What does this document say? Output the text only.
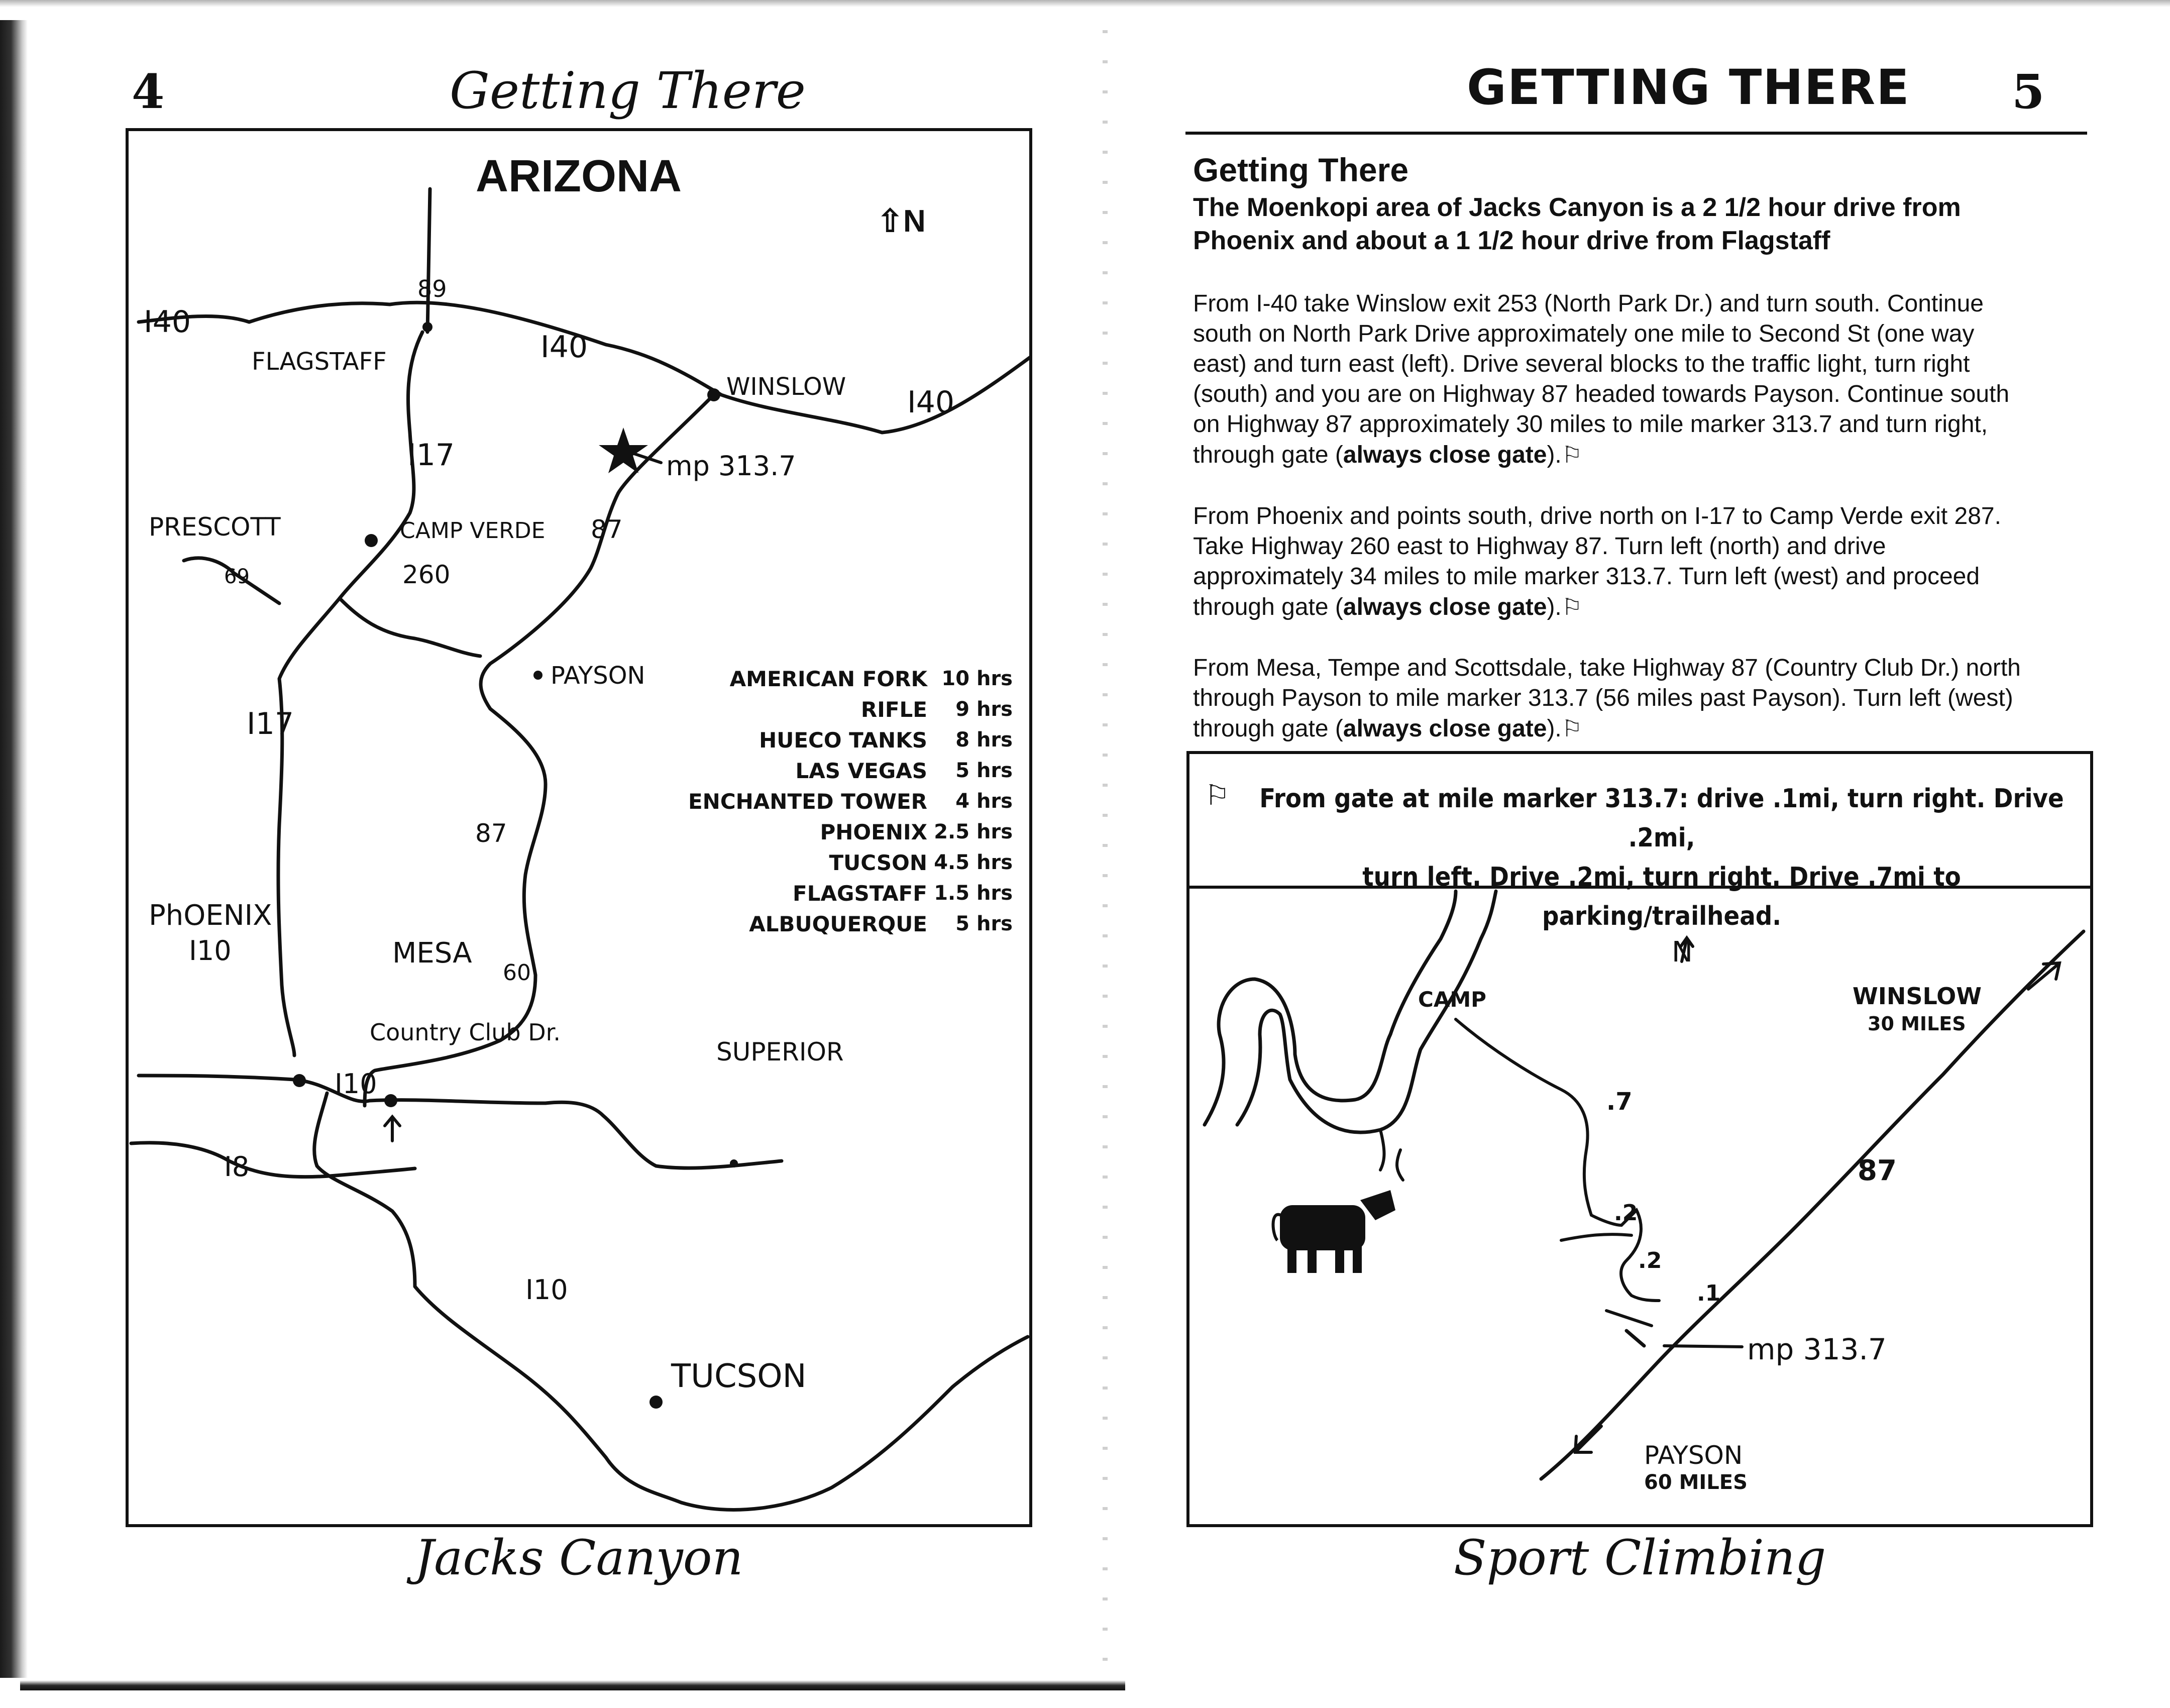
4	Getting There
ARIZONA
⇧N
FLAGSTAFF
WINSLOW
PRESCOTT	CAMP VERDE
PAYSON
PhOENIX
MESA
SUPERIOR
TUCSON
I40
I40
I40
89
I17
I17
69	260
87
87
I10
I10
I10
I8
60
mp 313.7
Country Club Dr.
AMERICAN FORK 10 hrs
RIFLE	9 hrs
HUECO TANKS	8 hrs
LAS VEGAS	5 hrs
ENCHANTED TOWER	4 hrs
PHOENIX 2.5 hrs
TUCSON 4.5 hrs
FLAGSTAFF 1.5 hrs
ALBUQUERQUE	5 hrs
Jacks Canyon
GETTING THERE 5
Getting There
The Moenkopi area of Jacks Canyon is a 2 1/2 hour drive from
Phoenix and about a 1 1/2 hour drive from Flagstaff
From I-40 take Winslow exit 253 (North Park Dr.) and turn south. Continue
south on North Park Drive approximately one mile to Second St (one way
east) and turn east (left). Drive several blocks to the traffic light, turn right
(south) and you are on Highway 87 headed towards Payson. Continue south
on Highway 87 approximately 30 miles to mile marker 313.7 and turn right,
through gate (always close gate).⚐
From Phoenix and points south, drive north on I-17 to Camp Verde exit 287.
Take Highway 260 east to Highway 87. Turn left (north) and drive
approximately 34 miles to mile marker 313.7. Turn left (west) and proceed
through gate (always close gate).⚐
From Mesa, Tempe and Scottsdale, take Highway 87 (Country Club Dr.) north
through Payson to mile marker 313.7 (56 miles past Payson). Turn left (west)
through gate (always close gate).⚐
⚐	From gate at mile marker 313.7: drive .1mi, turn right. Drive .2mi,
turn left. Drive .2mi, turn right. Drive .7mi to parking/trailhead.
N
CAMP	WINSLOW
30 MILES
87
.7
.2
.2
.1
mp 313.7
PAYSON
60 MILES
Sport Climbing
